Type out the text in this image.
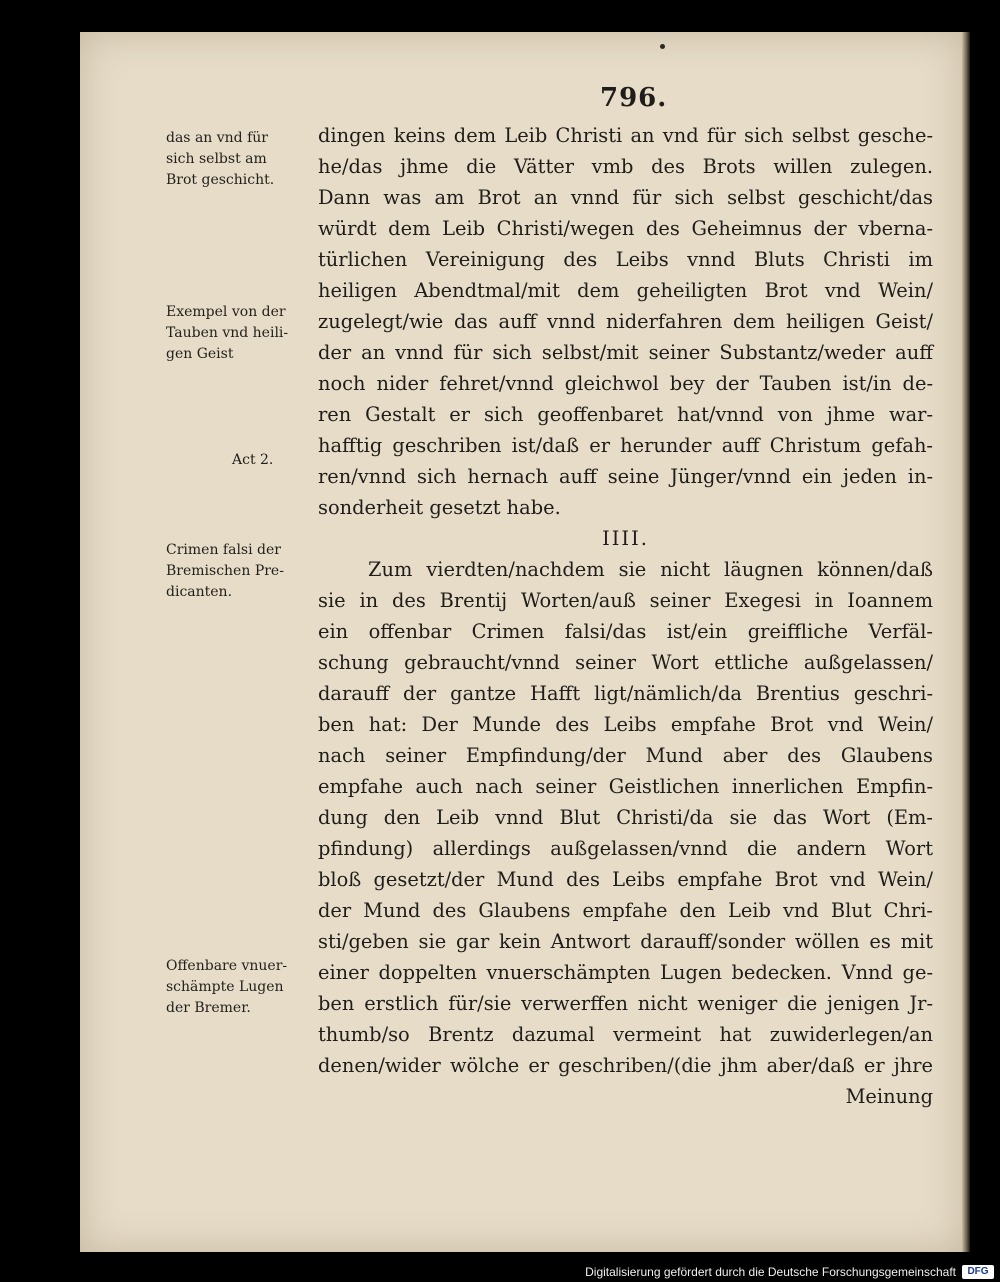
796.

dingen keins dem Leib Christi an vnd für sich selbst gesche-
he/das jhme die Vätter vmb des Brots willen zulegen.
Dann was am Brot an vnnd für sich selbst geschicht/das
würdt dem Leib Christi/wegen des Geheimnus der vberna-
türlichen Vereinigung des Leibs vnnd Bluts Christi im
heiligen Abendtmal/mit dem geheiligten Brot vnd Wein/
zugelegt/wie das auff vnnd niderfahren dem heiligen Geist/
der an vnnd für sich selbst/mit seiner Substantz/weder auff
noch nider fehret/vnnd gleichwol bey der Tauben ist/in de-
ren Gestalt er sich geoffenbaret hat/vnnd von jhme war-
hafftig geschriben ist/daß er herunder auff Christum gefah-
ren/vnnd sich hernach auff seine Jünger/vnnd ein jeden in-
sonderheit gesetzt habe.
IIII.
Zum vierdten/nachdem sie nicht läugnen können/daß
sie in des Brentij Worten/auß seiner Exegesi in Ioannem
ein offenbar Crimen falsi/das ist/ein greiffliche Verfäl-
schung gebraucht/vnnd seiner Wort ettliche außgelassen/
darauff der gantze Hafft ligt/nämlich/da Brentius geschri-
ben hat: Der Munde des Leibs empfahe Brot vnd Wein/
nach seiner Empfindung/der Mund aber des Glaubens
empfahe auch nach seiner Geistlichen innerlichen Empfin-
dung den Leib vnnd Blut Christi/da sie das Wort (Em-
pfindung) allerdings außgelassen/vnnd die andern Wort
bloß gesetzt/der Mund des Leibs empfahe Brot vnd Wein/
der Mund des Glaubens empfahe den Leib vnd Blut Chri-
sti/geben sie gar kein Antwort darauff/sonder wöllen es mit
einer doppelten vnuerschämpten Lugen bedecken. Vnnd ge-
ben erstlich für/sie verwerffen nicht weniger die jenigen Jr-
thumb/so Brentz dazumal vermeint hat zuwiderlegen/an
denen/wider wölche er geschriben/(die jhm aber/daß er jhre
Meinung
das an vnd für
sich selbst am
Brot geschicht.
Exempel von der
Tauben vnd heili-
gen Geist
Act 2.
Crimen falsi der
Bremischen Pre-
dicanten.
Offenbare vnuer-
schämpte Lugen
der Bremer.

Digitalisierung gefördert durch die Deutsche Forschungsgemeinschaft	DFG
